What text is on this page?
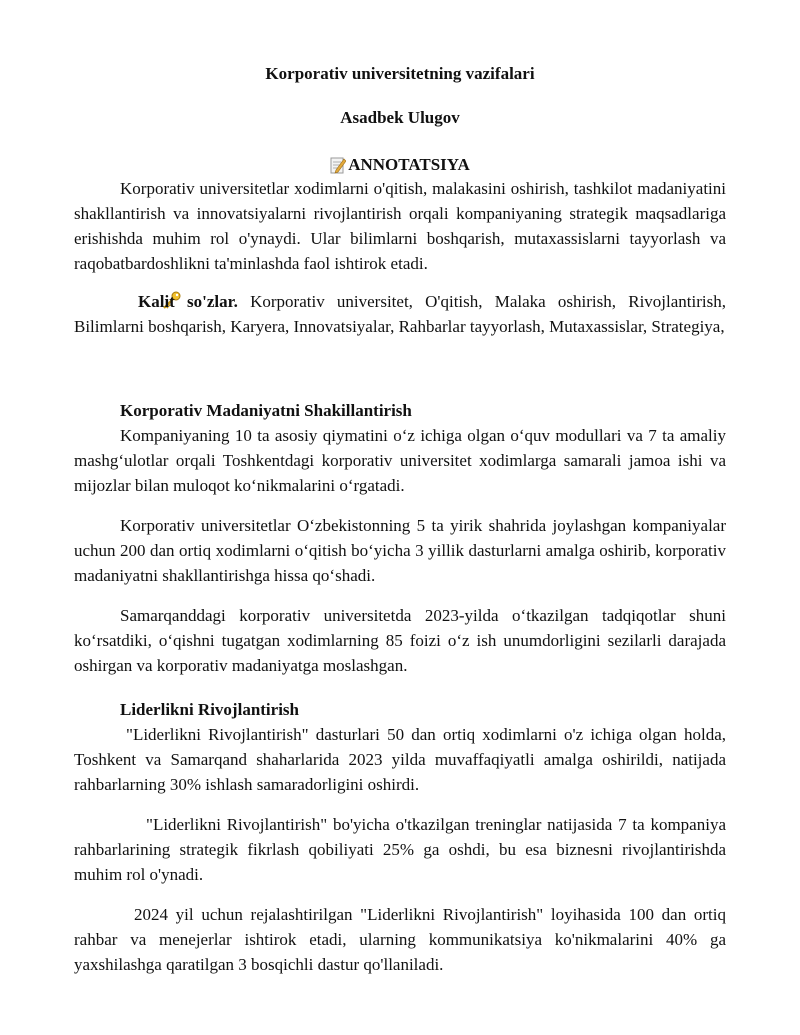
Korporativ universitetning vazifalari
Asadbek Ulugov
ANNOTATSIYA

Korporativ universitetlar xodimlarni o'qitish, malakasini oshirish, tashkilot madaniyatini shakllantirish va innovatsiyalarni rivojlantirish orqali kompaniyaning strategik maqsadlariga erishishda muhim rol o'ynaydi. Ular bilimlarni boshqarish, mutaxassislarni tayyorlash va raqobatbardoshlikni ta'minlashda faol ishtirok etadi.

Kalit so'zlar. Korporativ universitet, O'qitish, Malaka oshirish, Rivojlantirish, Bilimlarni boshqarish, Karyera, Innovatsiyalar, Rahbarlar tayyorlash, Mutaxassislar, Strategiya,

Korporativ Madaniyatni Shakillantirish

Kompaniyaning 10 ta asosiy qiymatini o‘z ichiga olgan o‘quv modullari va 7 ta amaliy mashg‘ulotlar orqali Toshkentdagi korporativ universitet xodimlarga samarali jamoa ishi va mijozlar bilan muloqot ko‘nikmalarini o‘rgatadi.

Korporativ universitetlar O‘zbekistonning 5 ta yirik shahrida joylashgan kompaniyalar uchun 200 dan ortiq xodimlarni o‘qitish bo‘yicha 3 yillik dasturlarni amalga oshirib, korporativ madaniyatni shakllantirishga hissa qo‘shadi.

Samarqanddagi korporativ universitetda 2023-yilda o‘tkazilgan tadqiqotlar shuni ko‘rsatdiki, o‘qishni tugatgan xodimlarning 85 foizi o‘z ish unumdorligini sezilarli darajada oshirgan va korporativ madaniyatga moslashgan.

Liderlikni Rivojlantirish

"Liderlikni Rivojlantirish" dasturlari 50 dan ortiq xodimlarni o'z ichiga olgan holda, Toshkent va Samarqand shaharlarida 2023 yilda muvaffaqiyatli amalga oshirildi, natijada rahbarlarning 30% ishlash samaradorligini oshirdi.

"Liderlikni Rivojlantirish" bo'yicha o'tkazilgan treninglar natijasida 7 ta kompaniya rahbarlarining strategik fikrlash qobiliyati 25% ga oshdi, bu esa biznesni rivojlantirishda muhim rol o'ynadi.

2024 yil uchun rejalashtirilgan "Liderlikni Rivojlantirish" loyihasida 100 dan ortiq rahbar va menejerlar ishtirok etadi, ularning kommunikatsiya ko'nikmalarini 40% ga yaxshilashga qaratilgan 3 bosqichli dastur qo'llaniladi.
